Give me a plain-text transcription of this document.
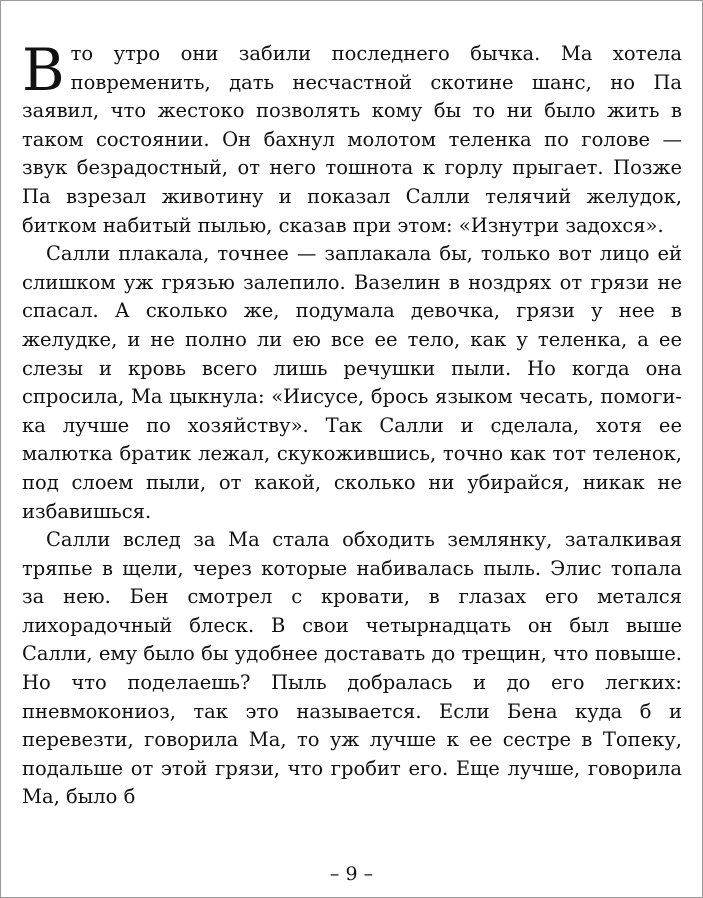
В то утро они забили последнего бычка. Ма хотела повременить, дать несчастной скотине шанс, но Па заявил, что жестоко позволять кому бы то ни было жить в таком состоянии. Он бахнул молотом теленка по голове — звук безрадостный, от него тошнота к горлу прыгает. Позже Па взрезал животину и показал Салли телячий желудок, битком набитый пылью, сказав при этом: «Изнутри задохся».

Салли плакала, точнее — заплакала бы, только вот лицо ей слишком уж грязью залепило. Вазелин в ноздрях от грязи не спасал. А сколько же, подумала девочка, грязи у нее в желудке, и не полно ли ею все ее тело, как у теленка, а ее слезы и кровь всего лишь речушки пыли. Но когда она спросила, Ма цыкнула: «Иисусе, брось языком чесать, помоги-ка лучше по хозяйству». Так Салли и сделала, хотя ее малютка братик лежал, скукожившись, точно как тот теленок, под слоем пыли, от какой, сколько ни убирайся, никак не избавишься.

Салли вслед за Ма стала обходить землянку, заталкивая тряпье в щели, через которые набивалась пыль. Элис топала за нею. Бен смотрел с кровати, в глазах его метался лихорадочный блеск. В свои четырнадцать он был выше Салли, ему было бы удобнее доставать до трещин, что повыше. Но что поделаешь? Пыль добралась и до его легких: пневмокониоз, так это называется. Если Бена куда б и перевезти, говорила Ма, то уж лучше к ее сестре в Топеку, подальше от этой грязи, что гробит его. Еще лучше, говорила Ма, было б

– 9 –
